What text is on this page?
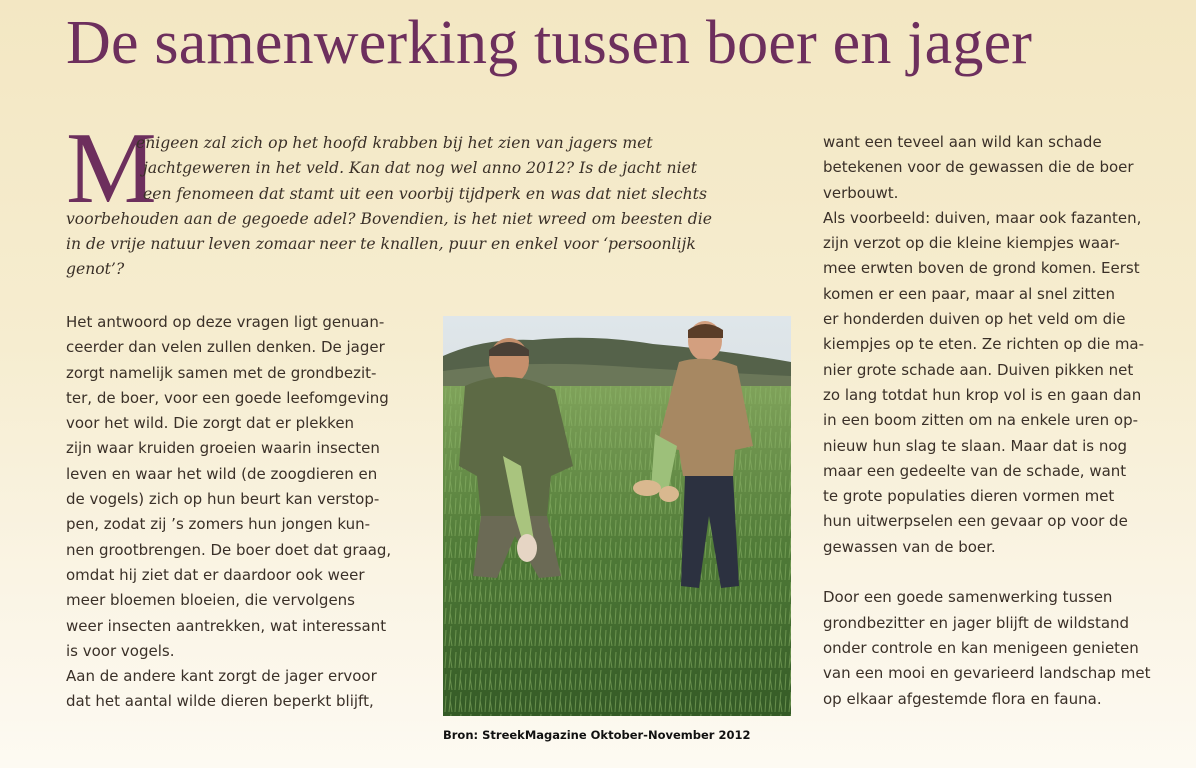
De samenwerking tussen boer en jager
M
enigeen zal zich op het hoofd krabben bij het zien van jagers met
jachtgeweren in het veld. Kan dat nog wel anno 2012? Is de jacht niet
een fenomeen dat stamt uit een voorbij tijdperk en was dat niet slechts
voorbehouden aan de gegoede adel? Bovendien, is het niet wreed om beesten die
in de vrije natuur leven zomaar neer te knallen, puur en enkel voor ‘persoonlijk
genot’?
Het antwoord op deze vragen ligt genuan-
ceerder dan velen zullen denken. De jager
zorgt namelijk samen met de grondbezit-
ter, de boer, voor een goede leefomgeving
voor het wild. Die zorgt dat er plekken
zijn waar kruiden groeien waarin insecten
leven en waar het wild (de zoogdieren en
de vogels) zich op hun beurt kan verstop-
pen, zodat zij ’s zomers hun jongen kun-
nen grootbrengen. De boer doet dat graag,
omdat hij ziet dat er daardoor ook weer
meer bloemen bloeien, die vervolgens
weer insecten aantrekken, wat interessant
is voor vogels.
Aan de andere kant zorgt de jager ervoor
dat het aantal wilde dieren beperkt blijft,
Bron: StreekMagazine Oktober-November 2012
want een teveel aan wild kan schade
betekenen voor de gewassen die de boer
verbouwt.
Als voorbeeld: duiven, maar ook fazanten,
zijn verzot op die kleine kiempjes waar-
mee erwten boven de grond komen. Eerst
komen er een paar, maar al snel zitten
er honderden duiven op het veld om die
kiempjes op te eten. Ze richten op die ma-
nier grote schade aan. Duiven pikken net
zo lang totdat hun krop vol is en gaan dan
in een boom zitten om na enkele uren op-
nieuw hun slag te slaan. Maar dat is nog
maar een gedeelte van de schade, want
te grote populaties dieren vormen met
hun uitwerpselen een gevaar op voor de
gewassen van de boer.
Door een goede samenwerking tussen
grondbezitter en jager blijft de wildstand
onder controle en kan menigeen genieten
van een mooi en gevarieerd landschap met
op elkaar afgestemde flora en fauna.
